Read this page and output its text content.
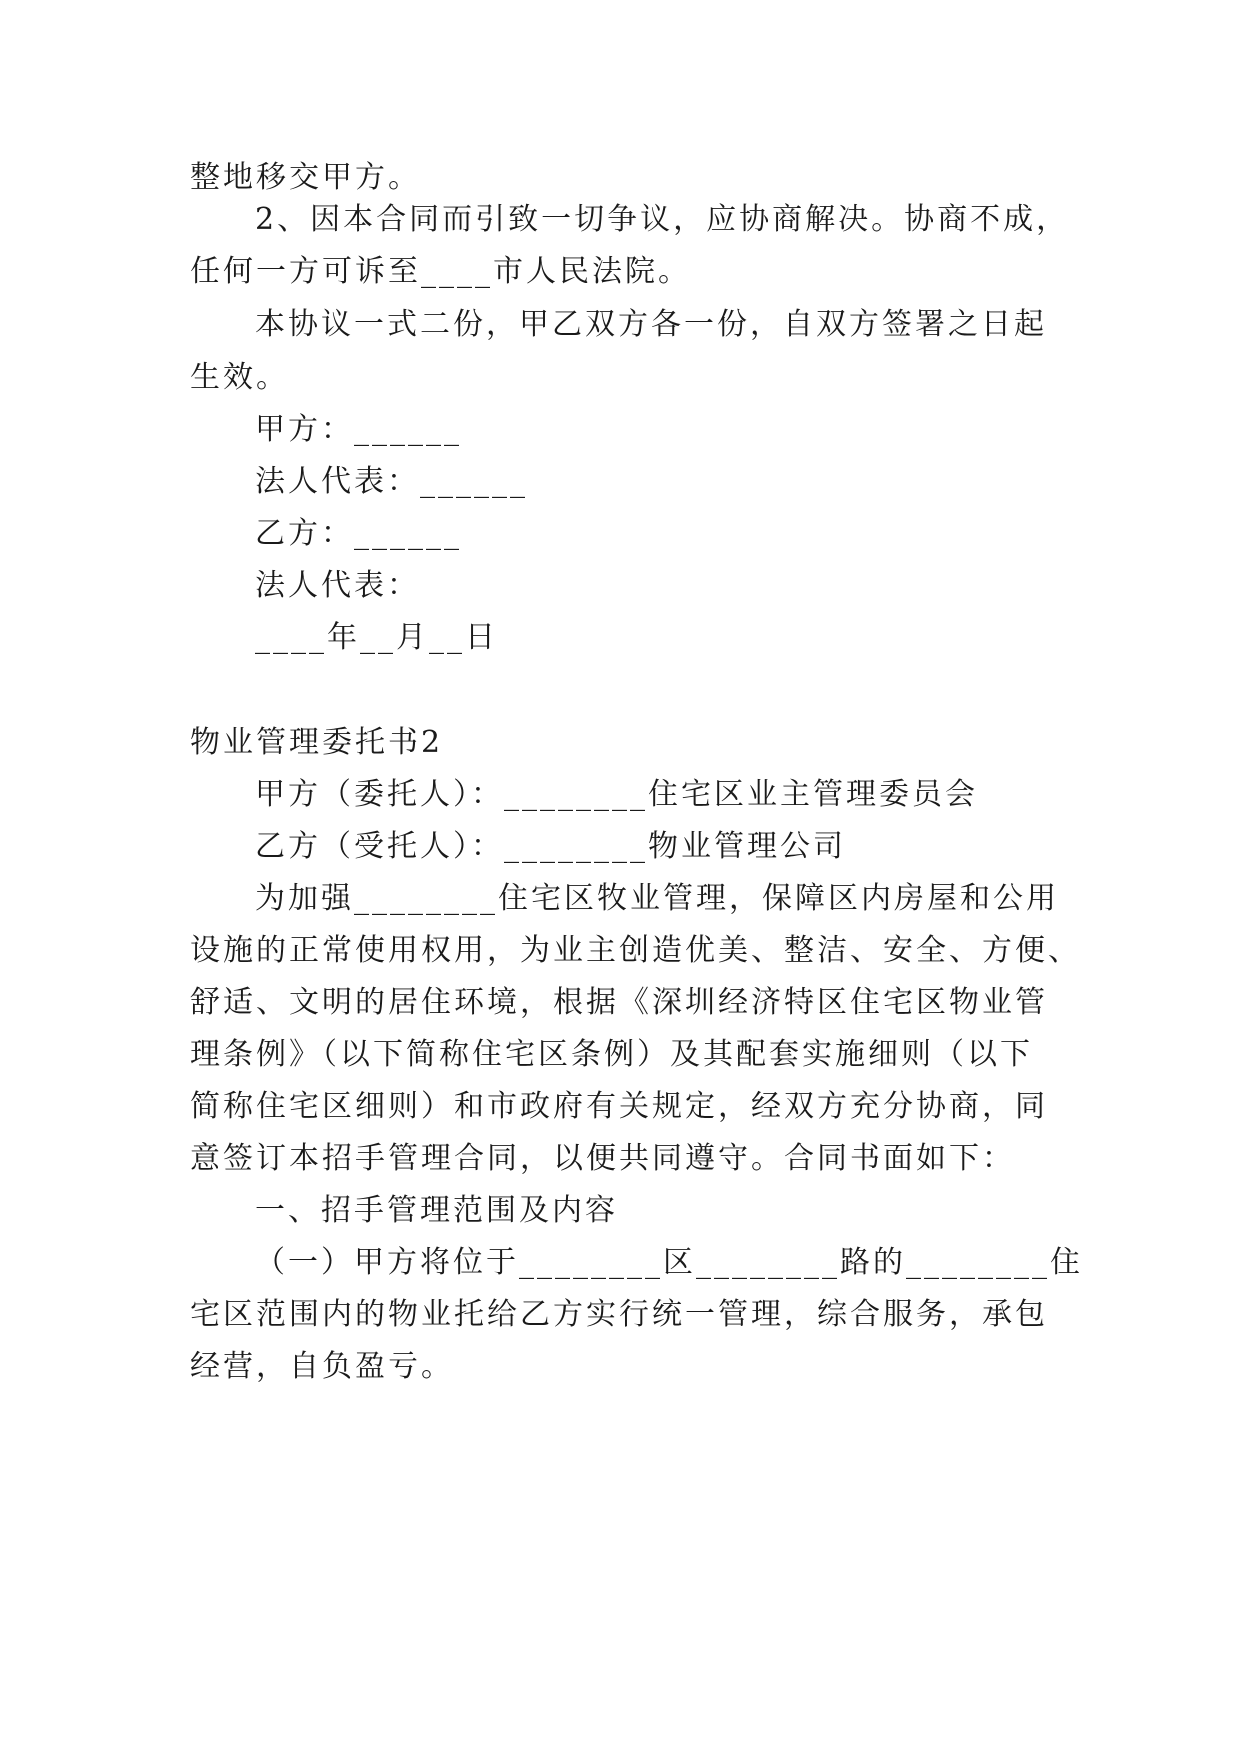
整地移交甲方。

2、因本合同而引致一切争议，应协商解决。协商不成，

任何一方可诉至____市人民法院。

本协议一式二份，甲乙双方各一份，自双方签署之日起

生效。

甲方：______

法人代表：______

乙方：______

法人代表：

____年__月__日

物业管理委托书2

甲方（委托人）：________住宅区业主管理委员会

乙方（受托人）：________物业管理公司

为加强________住宅区牧业管理，保障区内房屋和公用

设施的正常使用权用，为业主创造优美、整洁、安全、方便、

舒适、文明的居住环境，根据《深圳经济特区住宅区物业管

理条例》（以下简称住宅区条例）及其配套实施细则（以下

简称住宅区细则）和市政府有关规定，经双方充分协商，同

意签订本招手管理合同，以便共同遵守。合同书面如下：

一、招手管理范围及内容

（一）甲方将位于________区________路的________住

宅区范围内的物业托给乙方实行统一管理，综合服务，承包

经营，自负盈亏。
